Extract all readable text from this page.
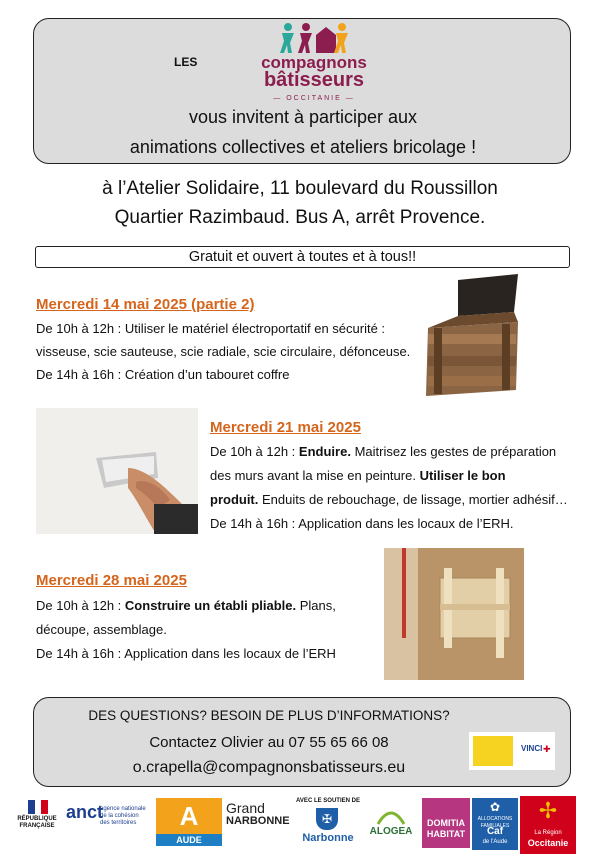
LES	compagnons
bâtisseurs
— OCCITANIE —
vous invitent à participer aux
animations collectives et ateliers bricolage !
à l’Atelier Solidaire, 11 boulevard du Roussillon
Quartier Razimbaud. Bus A, arrêt Provence.
Gratuit et ouvert à toutes et à tous!!
Mercredi 14 mai 2025 (partie 2)
De 10h à 12h : Utiliser le matériel électroportatif en sécurité :
visseuse, scie sauteuse, scie radiale, scie circulaire, défonceuse.
De 14h à 16h : Création d’un tabouret coffre
Mercredi 21 mai 2025
De 10h à 12h : Enduire. Maitrisez les gestes de préparation
des murs avant la mise en peinture. Utiliser le bon
produit. Enduits de rebouchage, de lissage, mortier adhésif…
De 14h à 16h : Application dans les locaux de l’ERH.
Mercredi 28 mai 2025
De 10h à 12h : Construire un établi pliable. Plans,
découpe, assemblage.
De 14h à 16h : Application dans les locaux de l’ERH
DES QUESTIONS? BESOIN DE PLUS D’INFORMATIONS?
Contactez Olivier au 07 55 65 66 08
o.crapella@compagnonsbatisseurs.eu
VINCI ✚
RÉPUBLIQUE FRANÇAISE
anct
agence nationale de la cohésion des territoires	A
AUDE
Grand
NARBONNE
AVEC LE SOUTIEN DE
✠
Narbonne
ALOGEA
DOMITIA
HABITAT
✿
ALLOCATIONS FAMILIALES
Caf
de l'Aude
✢
La Région
Occitanie
